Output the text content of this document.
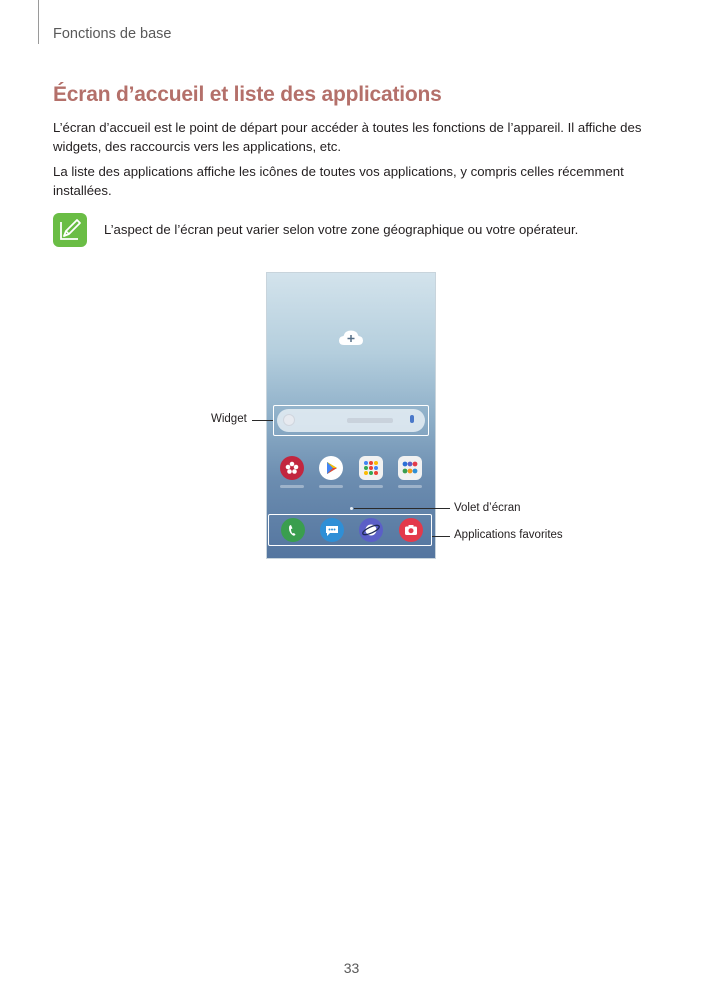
Fonctions de base
Écran d’accueil et liste des applications

L’écran d’accueil est le point de départ pour accéder à toutes les fonctions de l’appareil. Il affiche des widgets, des raccourcis vers les applications, etc.

La liste des applications affiche les icônes de toutes vos applications, y compris celles récemment installées.

L’aspect de l’écran peut varier selon votre zone géographique ou votre opérateur.
Widget
Volet d’écran
Applications favorites
33
